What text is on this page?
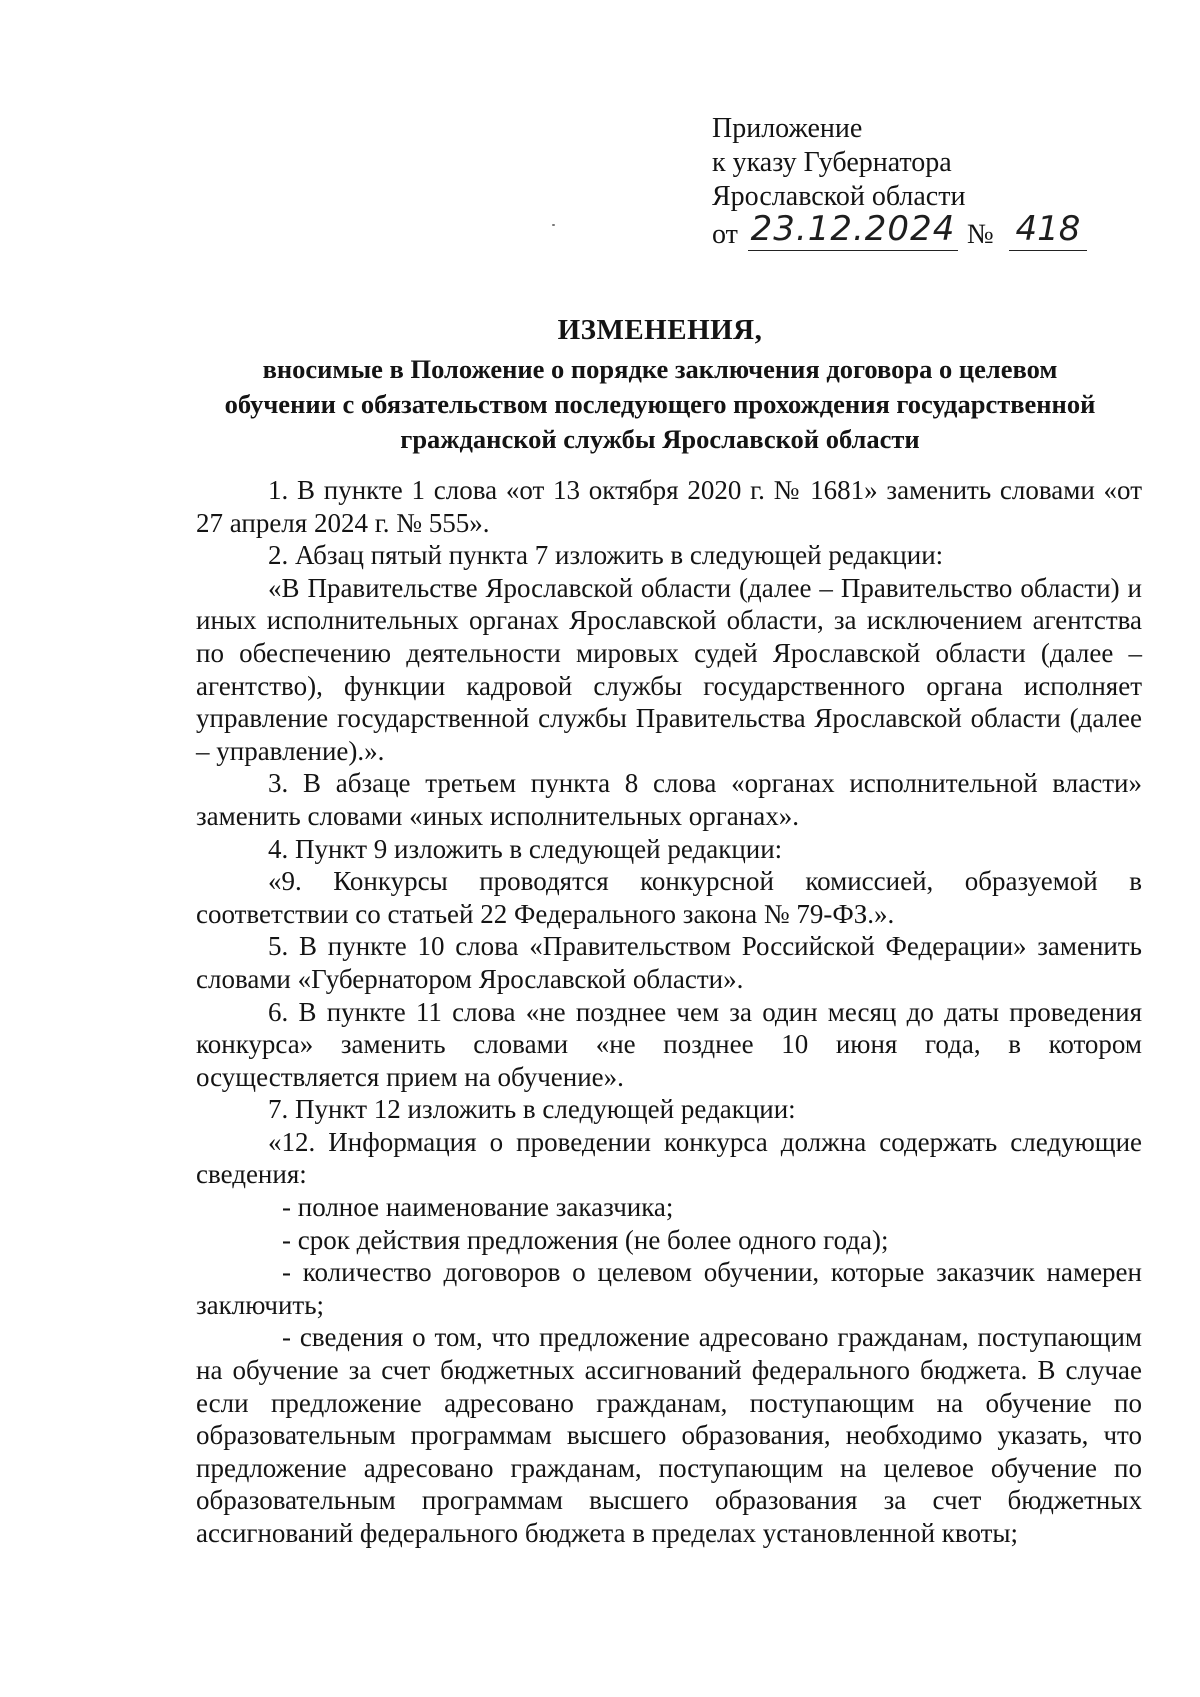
Приложение
к указу Губернатора
Ярославской области
от 23.12.2024 № 418
ИЗМЕНЕНИЯ,
вносимые в Положение о порядке заключения договора о целевом
обучении с обязательством последующего прохождения государственной
гражданской службы Ярославской области

1. В пункте 1 слова «от 13 октября 2020 г. № 1681» заменить словами «от 27 апреля 2024 г. № 555».

2. Абзац пятый пункта 7 изложить в следующей редакции:

«В Правительстве Ярославской области (далее – Правительство области) и иных исполнительных органах Ярославской области, за исключением агентства по обеспечению деятельности мировых судей Ярославской области (далее – агентство), функции кадровой службы государственного органа исполняет управление государственной службы Правительства Ярославской области (далее – управление).».

3. В абзаце третьем пункта 8 слова «органах исполнительной власти» заменить словами «иных исполнительных органах».

4. Пункт 9 изложить в следующей редакции:

«9. Конкурсы проводятся конкурсной комиссией, образуемой в соответствии со статьей 22 Федерального закона № 79-ФЗ.».

5. В пункте 10 слова «Правительством Российской Федерации» заменить словами «Губернатором Ярославской области».

6. В пункте 11 слова «не позднее чем за один месяц до даты проведения конкурса» заменить словами «не позднее 10 июня года, в котором осуществляется прием на обучение».

7. Пункт 12 изложить в следующей редакции:

«12. Информация о проведении конкурса должна содержать следующие сведения:

- полное наименование заказчика;

- срок действия предложения (не более одного года);

- количество договоров о целевом обучении, которые заказчик намерен заключить;

- сведения о том, что предложение адресовано гражданам, поступающим на обучение за счет бюджетных ассигнований федерального бюджета. В случае если предложение адресовано гражданам, поступающим на обучение по образовательным программам высшего образования, необходимо указать, что предложение адресовано гражданам, поступающим на целевое обучение по образовательным программам высшего образования за счет бюджетных ассигнований федерального бюджета в пределах установленной квоты;
